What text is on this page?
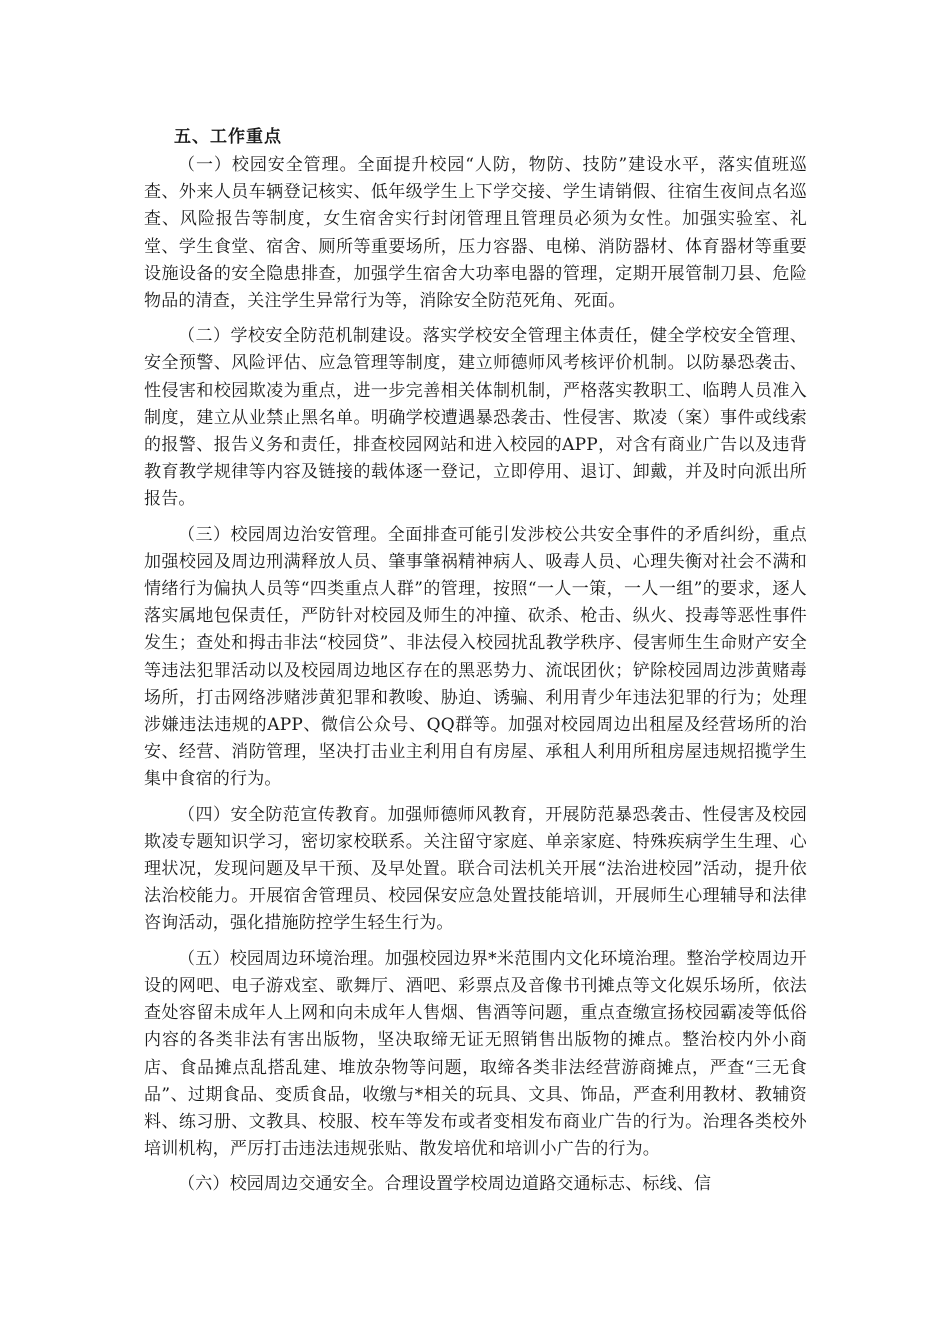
五、工作重点

（一）校园安全管理。全面提升校园“人防，物防、技防”建设水平，落实值班巡查、外来人员车辆登记核实、低年级学生上下学交接、学生请销假、往宿生夜间点名巡查、风险报告等制度，女生宿舍实行封闭管理且管理员必须为女性。加强实验室、礼堂、学生食堂、宿舍、厕所等重要场所，压力容器、电梯、消防器材、体育器材等重要设施设备的安全隐患排查，加强学生宿舍大功率电器的管理，定期开展管制刀县、危险物品的清查，关注学生异常行为等，消除安全防范死角、死面。

（二）学校安全防范机制建设。落实学校安全管理主体责任，健全学校安全管理、安全预警、风险评估、应急管理等制度，建立师德师风考核评价机制。以防暴恐袭击、性侵害和校园欺凌为重点，进一步完善相关体制机制，严格落实教职工、临聘人员准入制度，建立从业禁止黑名单。明确学校遭遇暴恐袭击、性侵害、欺凌（案）事件或线索的报警、报告义务和责任，排查校园网站和进入校园的APP，对含有商业广告以及违背教育教学规律等内容及链接的载体逐一登记，立即停用、退订、卸戴，并及时向派出所报告。

（三）校园周边治安管理。全面排查可能引发涉校公共安全事件的矛盾纠纷，重点加强校园及周边刑满释放人员、肇事肇祸精神病人、吸毒人员、心理失衡对社会不满和情绪行为偏执人员等“四类重点人群”的管理，按照“一人一策，一人一组”的要求，逐人落实属地包保责任，严防针对校园及师生的冲撞、砍杀、枪击、纵火、投毒等恶性事件发生；查处和拇击非法“校园贷”、非法侵入校园扰乱教学秩序、侵害师生生命财产安全等违法犯罪活动以及校园周边地区存在的黑恶势力、流氓团伙；铲除校园周边涉黄赌毒场所，打击网络涉赌涉黄犯罪和教唆、胁迫、诱骗、利用青少年违法犯罪的行为；处理涉嫌违法违规的APP、微信公众号、QQ群等。加强对校园周边出租屋及经营场所的治安、经营、消防管理，坚决打击业主利用自有房屋、承租人利用所租房屋违规招揽学生集中食宿的行为。

（四）安全防范宣传教育。加强师德师风教育，开展防范暴恐袭击、性侵害及校园欺凌专题知识学习，密切家校联系。关注留守家庭、单亲家庭、特殊疾病学生生理、心理状况，发现问题及早干预、及早处置。联合司法机关开展“法治进校园”活动，提升依法治校能力。开展宿舍管理员、校园保安应急处置技能培训，开展师生心理辅导和法律咨询活动，强化措施防控学生轻生行为。

（五）校园周边环境治理。加强校园边界*米范围内文化环境治理。整治学校周边开设的网吧、电子游戏室、歌舞厅、酒吧、彩票点及音像书刊摊点等文化娱乐场所，依法查处容留未成年人上网和向未成年人售烟、售酒等问题，重点查缴宣扬校园霸凌等低俗内容的各类非法有害出版物，坚决取缔无证无照销售出版物的摊点。整治校内外小商店、食品摊点乱搭乱建、堆放杂物等问题，取缔各类非法经营游商摊点，严查“三无食品”、过期食品、变质食品，收缴与*相关的玩具、文具、饰品，严查利用教材、教辅资料、练习册、文教具、校服、校车等发布或者变相发布商业广告的行为。治理各类校外培训机构，严厉打击违法违规张贴、散发培优和培训小广告的行为。

（六）校园周边交通安全。合理设置学校周边道路交通标志、标线、信
